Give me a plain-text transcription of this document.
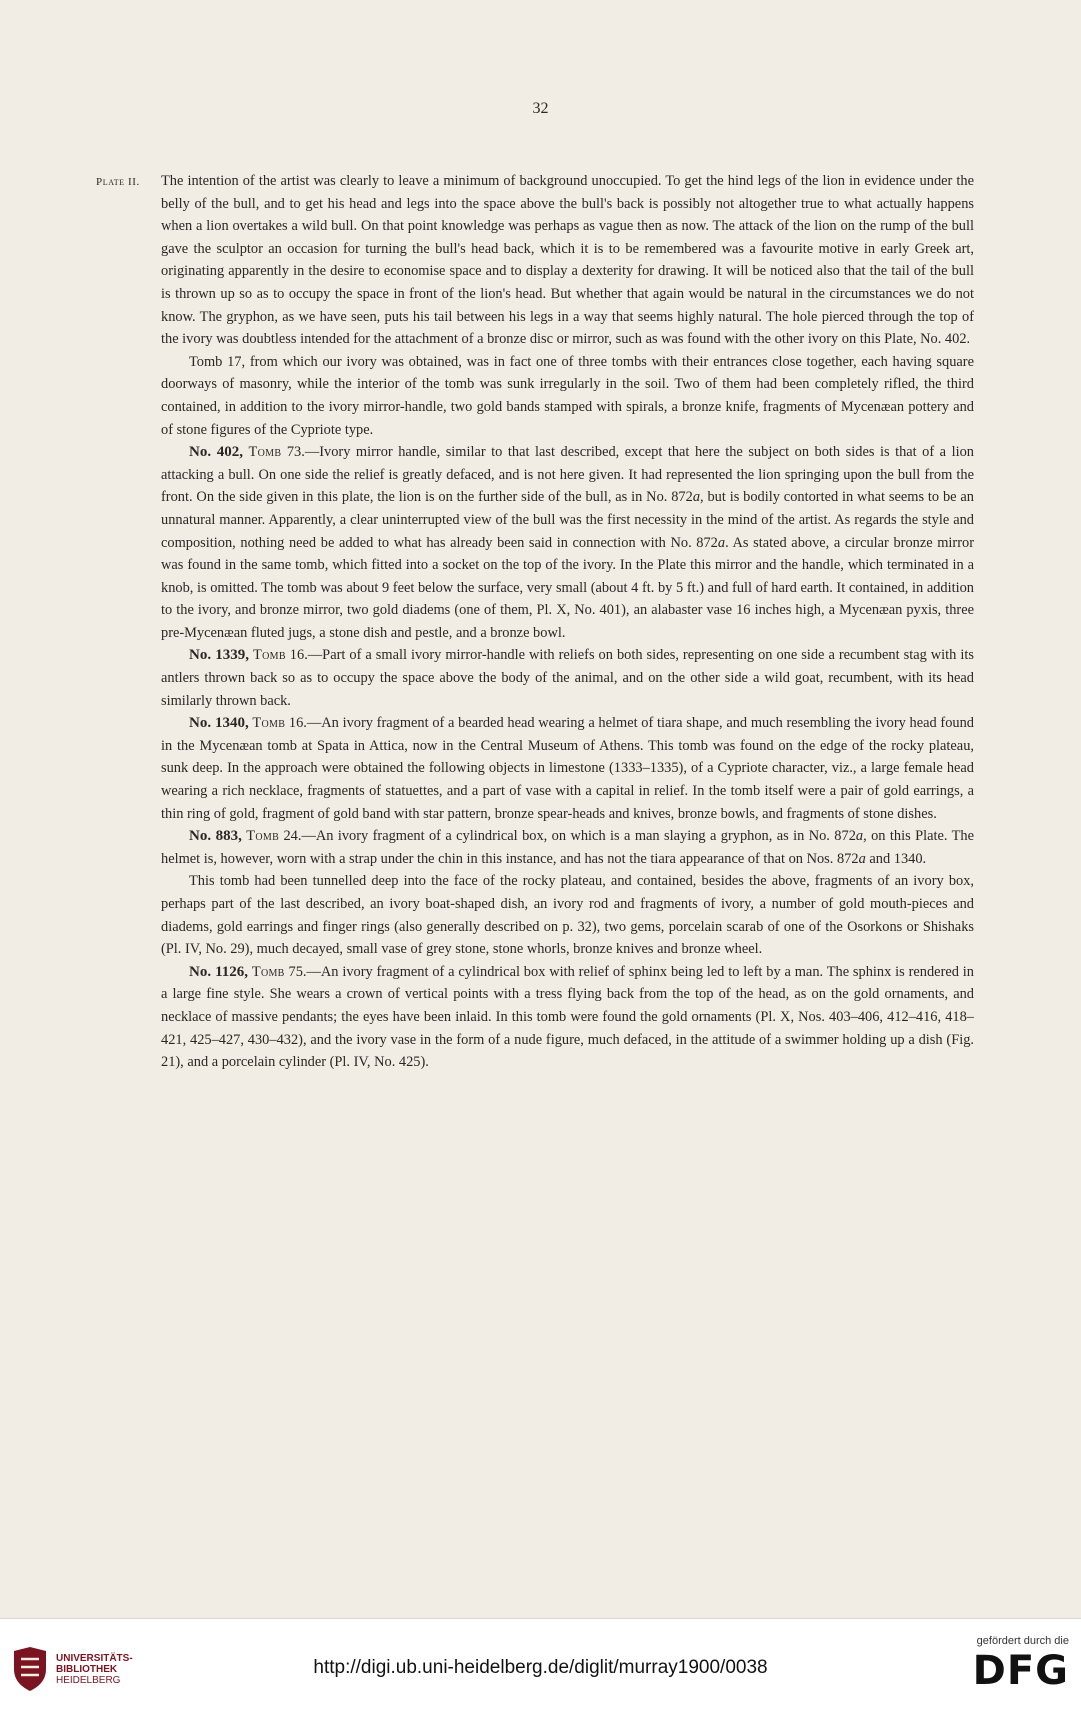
32
Plate II. The intention of the artist was clearly to leave a minimum of background unoccupied. To get the hind legs of the lion in evidence under the belly of the bull, and to get his head and legs into the space above the bull's back is possibly not altogether true to what actually happens when a lion overtakes a wild bull. On that point knowledge was perhaps as vague then as now. The attack of the lion on the rump of the bull gave the sculptor an occasion for turning the bull's head back, which it is to be remembered was a favourite motive in early Greek art, originating apparently in the desire to economise space and to display a dexterity for drawing. It will be noticed also that the tail of the bull is thrown up so as to occupy the space in front of the lion's head. But whether that again would be natural in the circumstances we do not know. The gryphon, as we have seen, puts his tail between his legs in a way that seems highly natural. The hole pierced through the top of the ivory was doubtless intended for the attachment of a bronze disc or mirror, such as was found with the other ivory on this Plate, No. 402.

Tomb 17, from which our ivory was obtained, was in fact one of three tombs with their entrances close together, each having square doorways of masonry, while the interior of the tomb was sunk irregularly in the soil. Two of them had been completely rifled, the third contained, in addition to the ivory mirror-handle, two gold bands stamped with spirals, a bronze knife, fragments of Mycenæan pottery and of stone figures of the Cypriote type.

No. 402, Tomb 73.—Ivory mirror handle, similar to that last described, except that here the subject on both sides is that of a lion attacking a bull. On one side the relief is greatly defaced, and is not here given. It had represented the lion springing upon the bull from the front. On the side given in this plate, the lion is on the further side of the bull, as in No. 872a, but is bodily contorted in what seems to be an unnatural manner. Apparently, a clear uninterrupted view of the bull was the first necessity in the mind of the artist. As regards the style and composition, nothing need be added to what has already been said in connection with No. 872a. As stated above, a circular bronze mirror was found in the same tomb, which fitted into a socket on the top of the ivory. In the Plate this mirror and the handle, which terminated in a knob, is omitted. The tomb was about 9 feet below the surface, very small (about 4 ft. by 5 ft.) and full of hard earth. It contained, in addition to the ivory, and bronze mirror, two gold diadems (one of them, Pl. X, No. 401), an alabaster vase 16 inches high, a Mycenæan pyxis, three pre-Mycenæan fluted jugs, a stone dish and pestle, and a bronze bowl.

No. 1339, Tomb 16.—Part of a small ivory mirror-handle with reliefs on both sides, representing on one side a recumbent stag with its antlers thrown back so as to occupy the space above the body of the animal, and on the other side a wild goat, recumbent, with its head similarly thrown back.

No. 1340, Tomb 16.—An ivory fragment of a bearded head wearing a helmet of tiara shape, and much resembling the ivory head found in the Mycenæan tomb at Spata in Attica, now in the Central Museum of Athens. This tomb was found on the edge of the rocky plateau, sunk deep. In the approach were obtained the following objects in limestone (1333–1335), of a Cypriote character, viz., a large female head wearing a rich necklace, fragments of statuettes, and a part of vase with a capital in relief. In the tomb itself were a pair of gold earrings, a thin ring of gold, fragment of gold band with star pattern, bronze spear-heads and knives, bronze bowls, and fragments of stone dishes.

No. 883, Tomb 24.—An ivory fragment of a cylindrical box, on which is a man slaying a gryphon, as in No. 872a, on this Plate. The helmet is, however, worn with a strap under the chin in this instance, and has not the tiara appearance of that on Nos. 872a and 1340.

This tomb had been tunnelled deep into the face of the rocky plateau, and contained, besides the above, fragments of an ivory box, perhaps part of the last described, an ivory boat-shaped dish, an ivory rod and fragments of ivory, a number of gold mouth-pieces and diadems, gold earrings and finger rings (also generally described on p. 32), two gems, porcelain scarab of one of the Osorkons or Shishaks (Pl. IV, No. 29), much decayed, small vase of grey stone, stone whorls, bronze knives and bronze wheel.

No. 1126, Tomb 75.—An ivory fragment of a cylindrical box with relief of sphinx being led to left by a man. The sphinx is rendered in a large fine style. She wears a crown of vertical points with a tress flying back from the top of the head, as on the gold ornaments, and necklace of massive pendants; the eyes have been inlaid. In this tomb were found the gold ornaments (Pl. X, Nos. 403–406, 412–416, 418–421, 425–427, 430–432), and the ivory vase in the form of a nude figure, much defaced, in the attitude of a swimmer holding up a dish (Fig. 21), and a porcelain cylinder (Pl. IV, No. 425).

UNIVERSITÄTS-
BIBLIOTHEK
HEIDELBERG
http://digi.ub.uni-heidelberg.de/diglit/murray1900/0038
gefördert durch die
DFG
